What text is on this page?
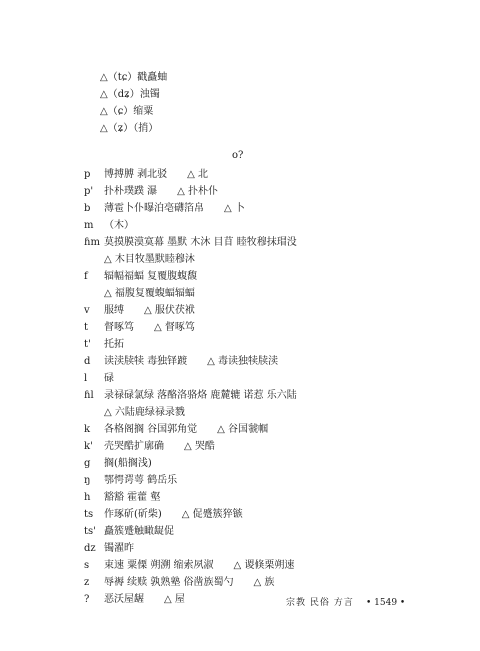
△（tɕ）戳矗蚰
△（dʑ）浊镯
△（ɕ）缩粟
△（ʑ）（捎）
o?
p 博搏膊 剥北驳　　△ 北
p' 扑朴璞蹼 瀑　　△ 扑朴仆
b 薄雹卜仆曝泊亳礴箔帛　　△ 卜
m （木）
ɦm 莫摸膜漠寞幕 墨默 木沐 目苜 睦牧穆抹瑁没
△ 木目牧墨默睦穆沐
f 辐幅福蝠 复覆腹蝮馥
△ 福腹复覆蝮蝠辐蝠
v 服缚　　△ 服伏茯袱
t 督啄笃　　△ 督啄笃
t' 托拓
d 读渎牍犊 毒独铎踱　　△ 毒读独犊牍渎
l 碌
ɦl 录禄碌氯绿 落酪洛骆烙 鹿麓辘 诺惹 乐六陆
△ 六陆鹿绿禄录戮
k 各格阁搁 谷国郭角觉　　△ 谷国虢帼
k' 壳哭酷扩廓确　　△ 哭酷
g 搁(船搁浅)
ŋ 鄂愕谔萼 鹤岳乐
h 豁豁 霍藿 壑
ts 作琢斫(斫柴)　　△ 促蹙簇猝镞
ts' 矗簇蹙触瞰龊促
dz 镯濯昨
s 束速 粟傈 朔溯 缩索夙淑　　△ 谡倏栗朔速
z 辱褥 续赎 孰熟塾 俗凿族蜀勺　　△ 族
? 恶沃屋龌　　△ 屋	宗教 民俗 方言 • 1549 •
